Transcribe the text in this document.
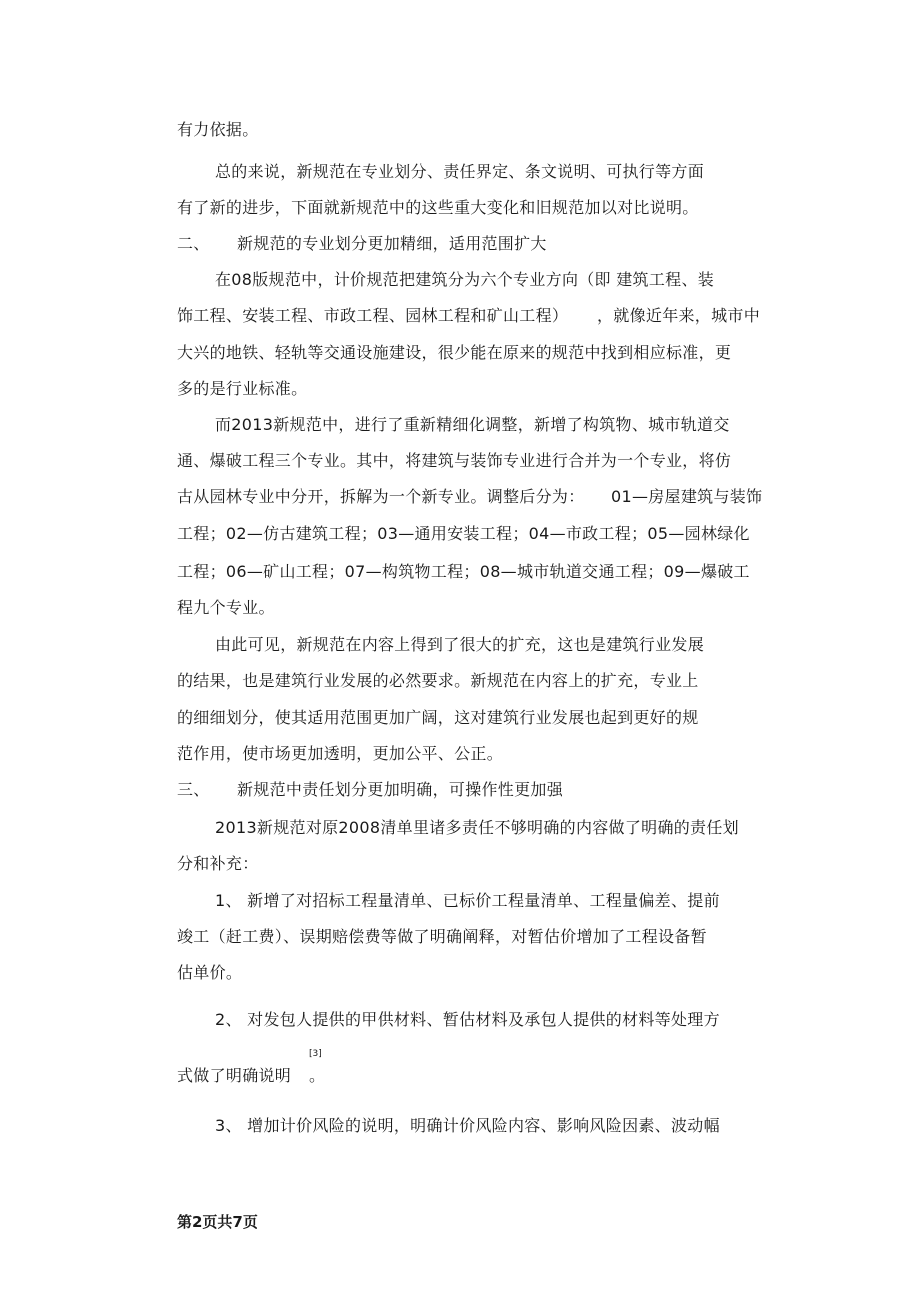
有力依据。
总的来说，新规范在专业划分、责任界定、条文说明、可执行等方面
有了新的进步，下面就新规范中的这些重大变化和旧规范加以对比说明。
二、 新规范的专业划分更加精细，适用范围扩大
在08版规范中，计价规范把建筑分为六个专业方向（即 建筑工程、装
饰工程、安装工程、市政工程、园林工程和矿山工程） ，就像近年来，城市中
大兴的地铁、轻轨等交通设施建设，很少能在原来的规范中找到相应标准，更
多的是行业标准。
而2013新规范中，进行了重新精细化调整，新增了构筑物、城市轨道交
通、爆破工程三个专业。其中，将建筑与装饰专业进行合并为一个专业，将仿
古从园林专业中分开，拆解为一个新专业。调整后分为： 01—房屋建筑与装饰
工程；02—仿古建筑工程；03—通用安装工程；04—市政工程；05—园林绿化
工程；06—矿山工程；07—构筑物工程；08—城市轨道交通工程；09—爆破工
程九个专业。
由此可见，新规范在内容上得到了很大的扩充，这也是建筑行业发展
的结果，也是建筑行业发展的必然要求。新规范在内容上的扩充，专业上
的细细划分，使其适用范围更加广阔，这对建筑行业发展也起到更好的规
范作用，使市场更加透明，更加公平、公正。
三、 新规范中责任划分更加明确，可操作性更加强
2013新规范对原2008清单里诸多责任不够明确的内容做了明确的责任划
分和补充：
1、 新增了对招标工程量清单、已标价工程量清单、工程量偏差、提前
竣工（赶工费）、误期赔偿费等做了明确阐释，对暂估价增加了工程设备暂
估单价。
2、 对发包人提供的甲供材料、暂估材料及承包人提供的材料等处理方
[3]
式做了明确说明 。
3、 增加计价风险的说明，明确计价风险内容、影响风险因素、波动幅
第2页共7页
